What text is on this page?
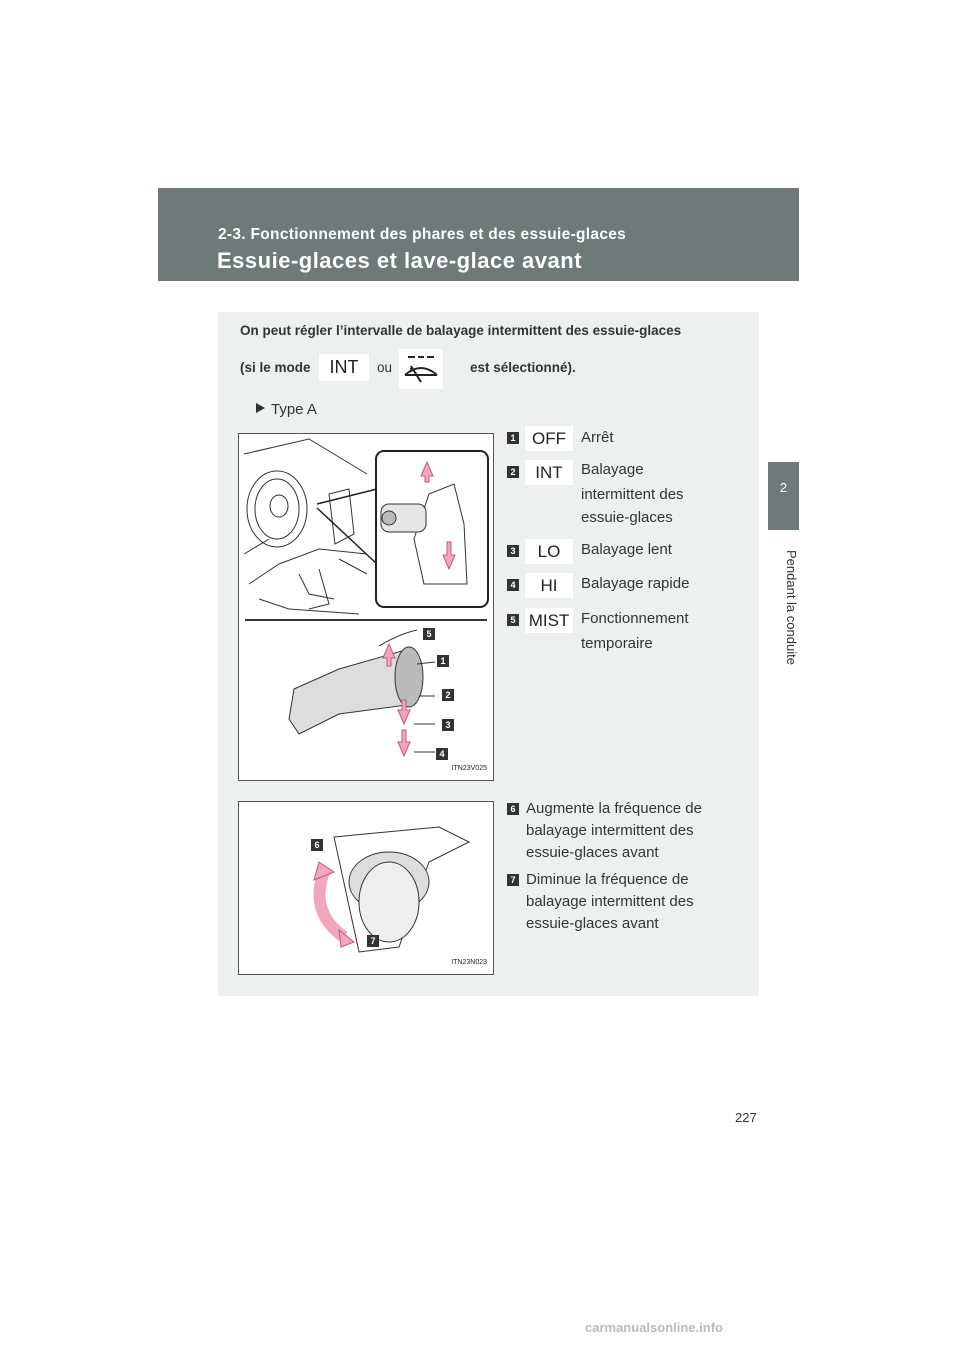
2-3. Fonctionnement des phares et des essuie-glaces
Essuie-glaces et lave-glace avant
2
Pendant la conduite
On peut régler l’intervalle de balayage intermittent des essuie-glaces
(si le mode	ou	est sélectionné).
INT
Type A
5
1
2
3
4
ITN23V025
6
7
ITN23N023
1 OFF	Arrêt
2	INT	Balayage
intermittent des
essuie-glaces
3	LO	Balayage lent
4	HI	Balayage rapide
5 MIST Fonctionnement
temporaire
6 Augmente la fréquence de
balayage intermittent des
essuie-glaces avant
7 Diminue la fréquence de
balayage intermittent des
essuie-glaces avant
227
carmanualsonline.info
